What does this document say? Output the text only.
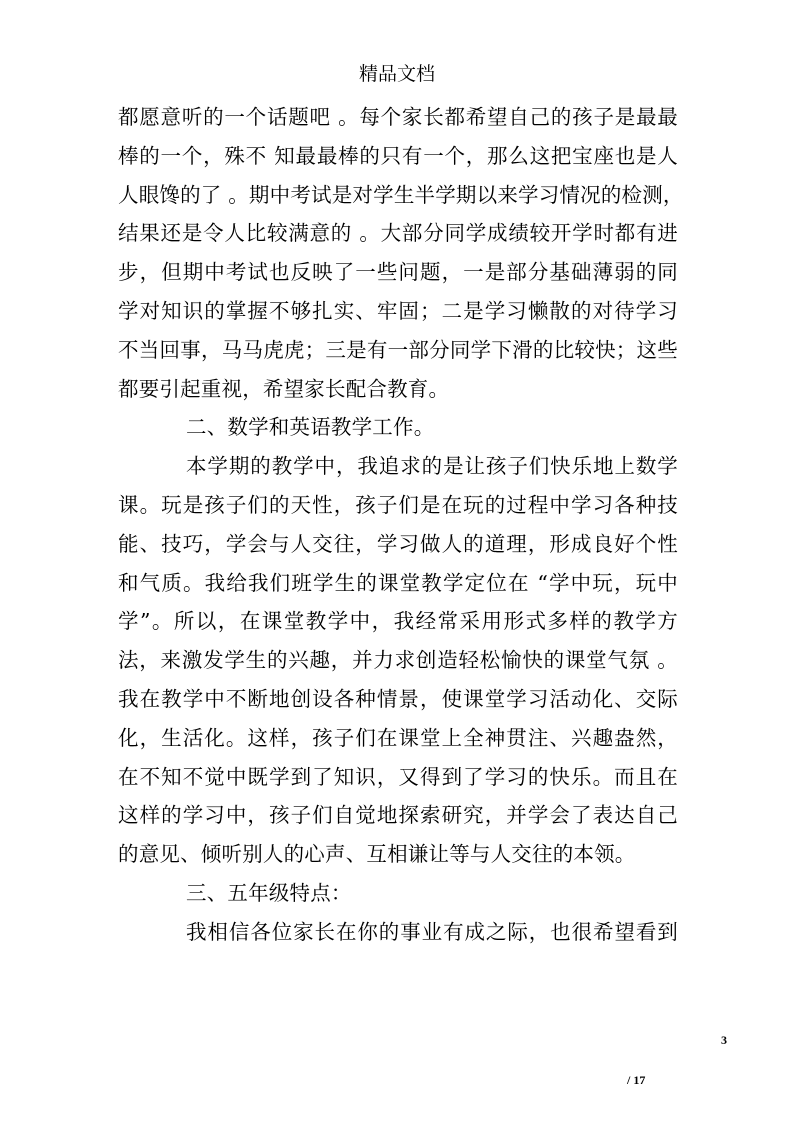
精品文档
都愿意听的一个话题吧 。每个家长都希望自己的孩子是最最
棒的一个，殊不 知最最棒的只有一个，那么这把宝座也是人
人眼馋的了 。期中考试是对学生半学期以来学习情况的检测，
结果还是令人比较满意的 。大部分同学成绩较开学时都有进
步，但期中考试也反映了一些问题，一是部分基础薄弱的同
学对知识的掌握不够扎实、牢固；二是学习懒散的对待学习
不当回事，马马虎虎；三是有一部分同学下滑的比较快；这些
都要引起重视，希望家长配合教育。
二、数学和英语教学工作。
本学期的教学中，我追求的是让孩子们快乐地上数学
课。玩是孩子们的天性，孩子们是在玩的过程中学习各种技
能、技巧，学会与人交往，学习做人的道理，形成良好个性
和气质。我给我们班学生的课堂教学定位在 “学中玩，玩中
学”。所以，在课堂教学中，我经常采用形式多样的教学方
法，来激发学生的兴趣，并力求创造轻松愉快的课堂气氛 。
我在教学中不断地创设各种情景，使课堂学习活动化、交际
化，生活化。这样，孩子们在课堂上全神贯注、兴趣盎然，
在不知不觉中既学到了知识，又得到了学习的快乐。而且在
这样的学习中，孩子们自觉地探索研究，并学会了表达自己
的意见、倾听别人的心声、互相谦让等与人交往的本领。
三、五年级特点：
我相信各位家长在你的事业有成之际，也很希望看到
3
/ 17
